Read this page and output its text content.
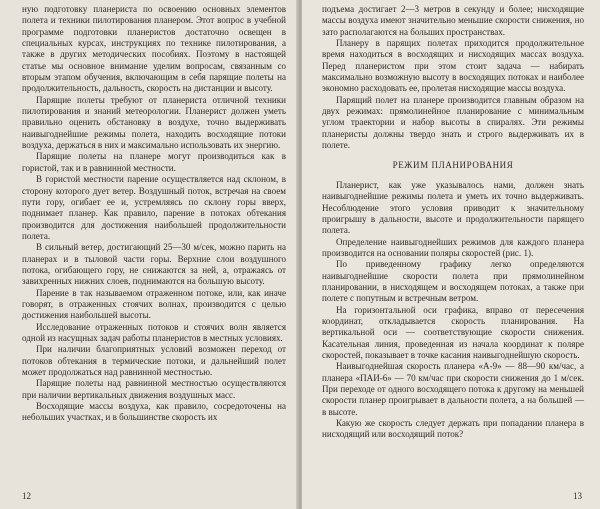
ную подготовку планериста по освоению основных элементов полета и техники пилотирования планером. Этот вопрос в учебной программе подготовки планеристов достаточно освещен в специальных курсах, инструкциях по технике пилотирования, а также в других методических пособиях. Поэтому в настоящей статье мы основное внимание уделим вопросам, связанным со вторым этапом обучения, включающим в себя парящие полеты на продолжительность, дальность, скорость на дистанции и высоту.

Парящие полеты требуют от планериста отличной техники пилотирования и знаний метеорологии. Планерист должен уметь правильно оценить обстановку в воздухе, точно выдерживать наивыгоднейшие режимы полета, находить восходящие потоки воздуха, держаться в них и максимально использовать их энергию.

Парящие полеты на планере могут производиться как в гористой, так и в равнинной местности.

В гористой местности парение осуществляется над склоном, в сторону которого дует ветер. Воздушный поток, встречая на своем пути гору, огибает ее и, устремляясь по склону горы вверх, поднимает планер. Как правило, парение в потоках обтекания производится для достижения наибольшей продолжительности полета.

В сильный ветер, достигающий 25—30 м/сек, можно парить на планерах и в тыловой части горы. Верхние слои воздушного потока, огибающего гору, не снижаются за ней, а, отражаясь от завихренных нижних слоев, поднимаются на большую высоту.

Парение в так называемом отраженном потоке, или, как иначе говорят, в отраженных стоячих волнах, производится с целью достижения наибольшей высоты.

Исследование отраженных потоков и стоячих волн является одной из насущных задач работы планеристов в местных условиях.

При наличии благоприятных условий возможен переход от потоков обтекания в термические потоки, и дальнейший полет может продолжаться над равнинной местностью.

Парящие полеты над равнинной местностью осуществляются при наличии вертикальных движения воздушных масс.

Восходящие массы воздуха, как правило, сосредоточены на небольших участках, и в большинстве скорость их

12

подъема достигает 2—3 метров в секунду и более; нисходящие массы воздуха имеют значительно меньшие скорости снижения, но зато располагаются на больших пространствах.

Планеру в парящих полетах приходится продолжительное время находиться в восходящих и нисходящих массах воздуха. Перед планеристом при этом стоит задача — набирать максимально возможную высоту в восходящих потоках и наиболее экономно расходовать ее, пролетая нисходящие массы воздуха.

Парящий полет на планере производится главным образом на двух режимах: прямолинейное планирование с минимальным углом траектории и набор высоты в спиралях. Эти режимы планеристы должны твердо знать и строго выдерживать их в полете.

РЕЖИМ ПЛАНИРОВАНИЯ

Планерист, как уже указывалось нами, должен знать наивыгоднейшие режимы полета и уметь их точно выдерживать. Несоблюдение этого условия приводит к значительному проигрышу в дальности, высоте и продолжительности парящего полета.

Определение наивыгоднейших режимов для каждого планера производится на основании поляры скоростей (рис. 1).

По приведенному графику легко определяются наивыгоднейшие скорости полета при прямолинейном планировании, в нисходящем и восходящем потоках, а также при полете с попутным и встречным ветром.

На горизонтальной оси графика, вправо от пересечения координат, откладывается скорость планирования. На вертикальной оси — соответствующие скорости снижения. Касательная линия, проведенная из начала координат к поляре скоростей, показывает в точке касания наивыгоднейшую скорость.

Наивыгоднейшая скорость планера «А-9» — 88—90 км/час, а планера «ПАИ-6» — 70 км/час при скорости снижения до 1 м/сек. При переходе от одного восходящего потока к другому на меньшей скорости планер проигрывает в дальности полета, а на большей — в высоте.

Какую же скорость следует держать при попадании планера в нисходящий или восходящий поток?

13
